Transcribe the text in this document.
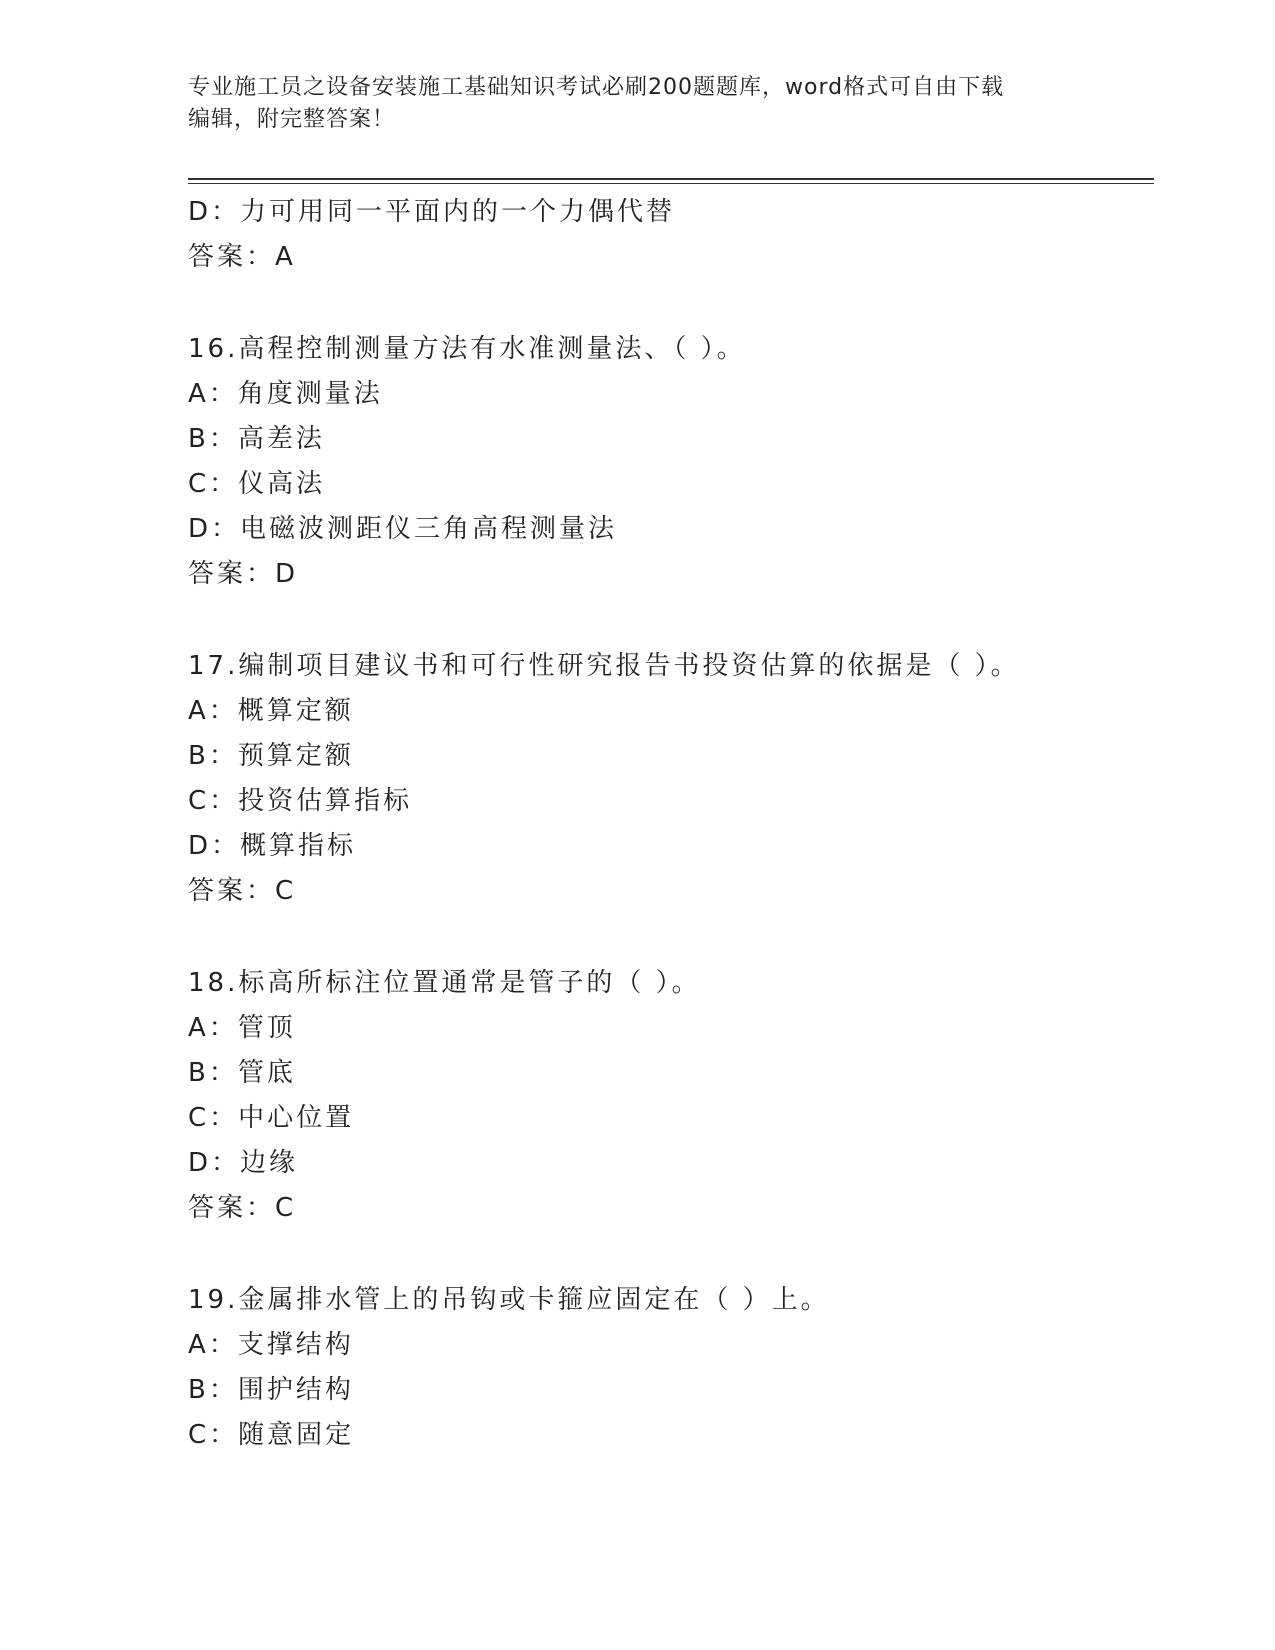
专业施工员之设备安装施工基础知识考试必刷200题题库，word格式可自由下载
编辑，附完整答案！
D：力可用同一平面内的一个力偶代替
答案：A
16.高程控制测量方法有水准测量法、（ ）。
A：角度测量法
B：高差法
C：仪高法
D：电磁波测距仪三角高程测量法
答案：D
17.编制项目建议书和可行性研究报告书投资估算的依据是（ ）。
A：概算定额
B：预算定额
C：投资估算指标
D：概算指标
答案：C
18.标高所标注位置通常是管子的（ ）。
A：管顶
B：管底
C：中心位置
D：边缘
答案：C
19.金属排水管上的吊钩或卡箍应固定在（ ）上。
A：支撑结构
B：围护结构
C：随意固定
